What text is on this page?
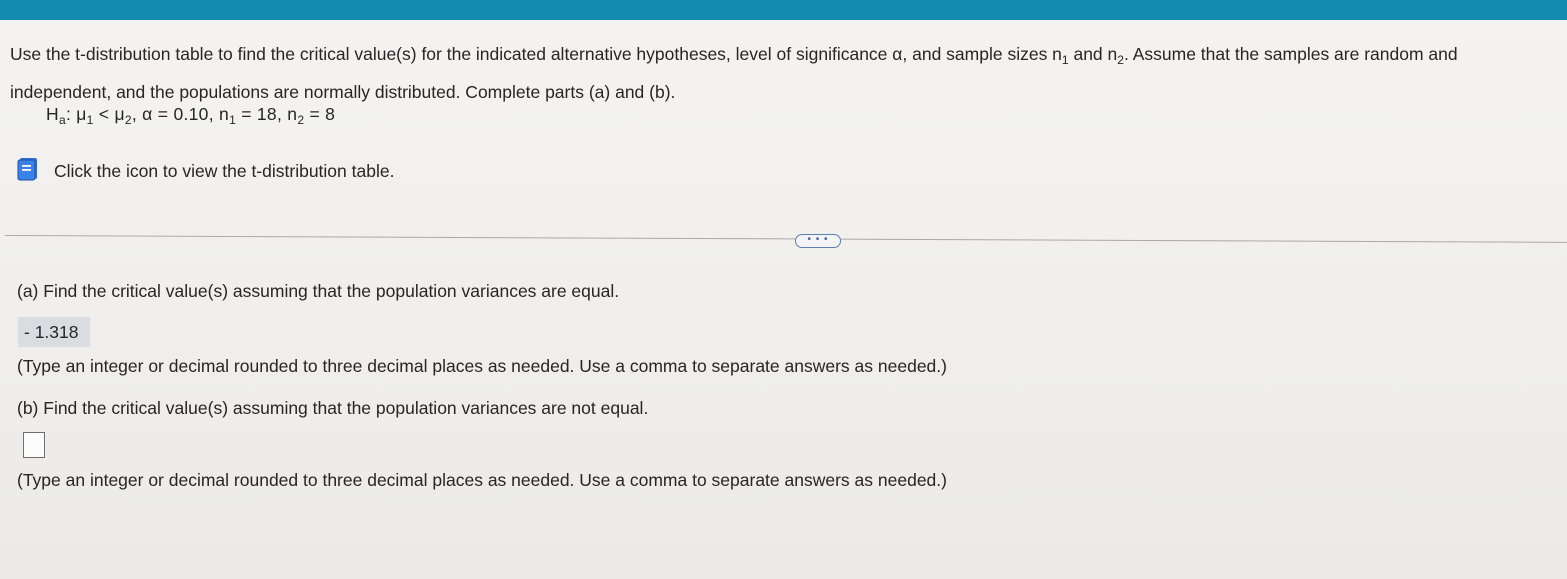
Use the t-distribution table to find the critical value(s) for the indicated alternative hypotheses, level of significance α, and sample sizes $n_1$ and $n_2$. Assume that the samples are random and independent, and the populations are normally distributed. Complete parts (a) and (b).
$H_a$: $\mu_1 < \mu_2$, α = 0.10, $n_1 = 18$, $n_2 = 8$
Click the icon to view the t-distribution table.
• • •
(a) Find the critical value(s) assuming that the population variances are equal.
- 1.318
(Type an integer or decimal rounded to three decimal places as needed. Use a comma to separate answers as needed.)
(b) Find the critical value(s) assuming that the population variances are not equal.
(Type an integer or decimal rounded to three decimal places as needed. Use a comma to separate answers as needed.)
